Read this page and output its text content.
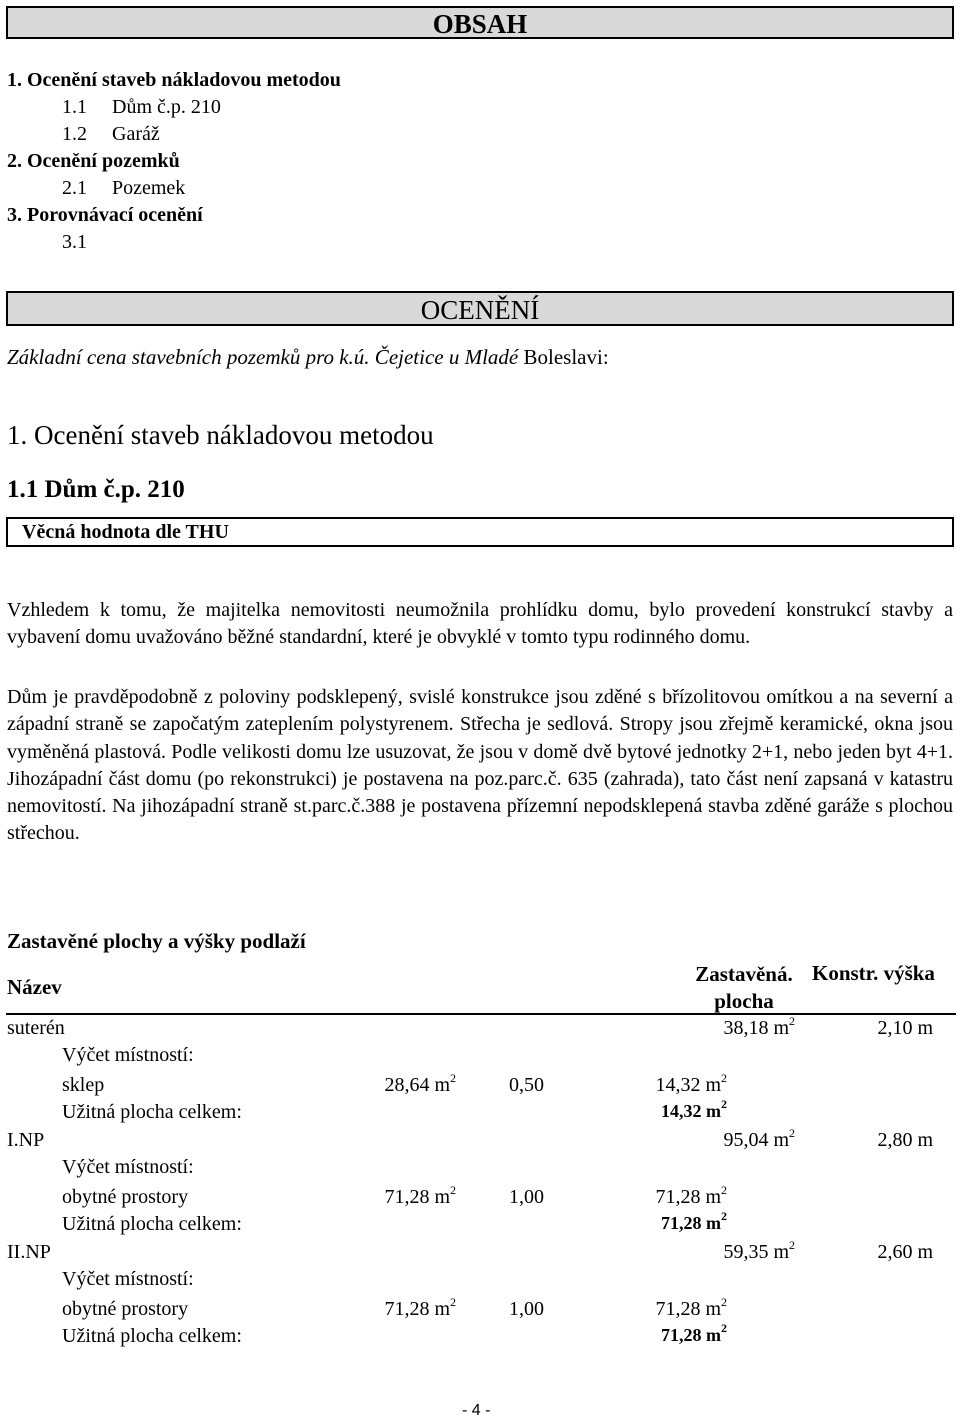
OBSAH
1. Ocenění staveb nákladovou metodou
1.1 Dům č.p. 210
1.2 Garáž
2. Ocenění pozemků
2.1 Pozemek
3. Porovnávací ocenění
3.1
OCENĚNÍ
Základní cena stavebních pozemků pro k.ú. Čejetice u Mladé Boleslavi:
1. Ocenění staveb nákladovou metodou
1.1 Dům č.p. 210
Věcná hodnota dle THU

Vzhledem k tomu, že majitelka nemovitosti neumožnila prohlídku domu, bylo provedení konstrukcí stavby a vybavení domu uvažováno běžné standardní, které je obvyklé v tomto typu rodinného domu.

Dům je pravděpodobně z poloviny podsklepený, svislé konstrukce jsou zděné s břízolitovou omítkou a na severní a západní straně se započatým zateplením polystyrenem. Střecha je sedlová. Stropy jsou zřejmě keramické, okna jsou vyměněná plastová. Podle velikosti domu lze usuzovat, že jsou v domě dvě bytové jednotky 2+1, nebo jeden byt 4+1. Jihozápadní část domu (po rekonstrukci) je postavena na poz.parc.č. 635 (zahrada), tato část není zapsaná v katastru nemovitostí. Na jihozápadní straně st.parc.č.388 je postavena přízemní nepodsklepená stavba zděné garáže s plochou střechou.

Zastavěné plochy a výšky podlaží
Název
Zastavěná. plocha
Konstr. výška
suterén	38,18 $m^2$	2,10 m
Výčet místností:
sklep	28,64 $m^2$	0,50	14,32 $m^2$
Užitná plocha celkem:	14,32 $m^2$
I.NP	95,04 $m^2$	2,80 m
Výčet místností:
obytné prostory	71,28 $m^2$	1,00	71,28 $m^2$
Užitná plocha celkem:	71,28 $m^2$
II.NP	59,35 $m^2$	2,60 m
Výčet místností:
obytné prostory	71,28 $m^2$	1,00	71,28 $m^2$
Užitná plocha celkem:	71,28 $m^2$
- 4 -
